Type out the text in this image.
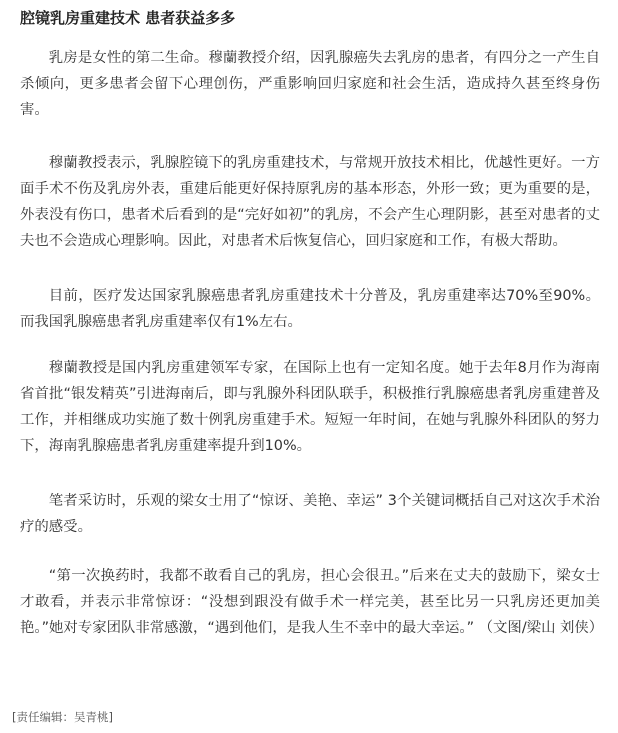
腔镜乳房重建技术 患者获益多多

乳房是女性的第二生命。穆蘭教授介绍，因乳腺癌失去乳房的患者，有四分之一产生自杀倾向，更多患者会留下心理创伤，严重影响回归家庭和社会生活，造成持久甚至终身伤害。

穆蘭教授表示，乳腺腔镜下的乳房重建技术，与常规开放技术相比，优越性更好。一方面手术不伤及乳房外表，重建后能更好保持原乳房的基本形态，外形一致；更为重要的是，外表没有伤口，患者术后看到的是“完好如初”的乳房，不会产生心理阴影，甚至对患者的丈夫也不会造成心理影响。因此，对患者术后恢复信心，回归家庭和工作，有极大帮助。

目前，医疗发达国家乳腺癌患者乳房重建技术十分普及，乳房重建率达70%至90%。而我国乳腺癌患者乳房重建率仅有1%左右。

穆蘭教授是国内乳房重建领军专家，在国际上也有一定知名度。她于去年8月作为海南省首批“银发精英”引进海南后，即与乳腺外科团队联手，积极推行乳腺癌患者乳房重建普及工作，并相继成功实施了数十例乳房重建手术。短短一年时间，在她与乳腺外科团队的努力下，海南乳腺癌患者乳房重建率提升到10%。

笔者采访时，乐观的梁女士用了“惊讶、美艳、幸运” 3个关键词概括自己对这次手术治疗的感受。

“第一次换药时，我都不敢看自己的乳房，担心会很丑。”后来在丈夫的鼓励下，梁女士才敢看，并表示非常惊讶：“没想到跟没有做手术一样完美，甚至比另一只乳房还更加美艳。”她对专家团队非常感激，“遇到他们，是我人生不幸中的最大幸运。” （文图/梁山 刘侠）

[责任编辑：吴青桃]
